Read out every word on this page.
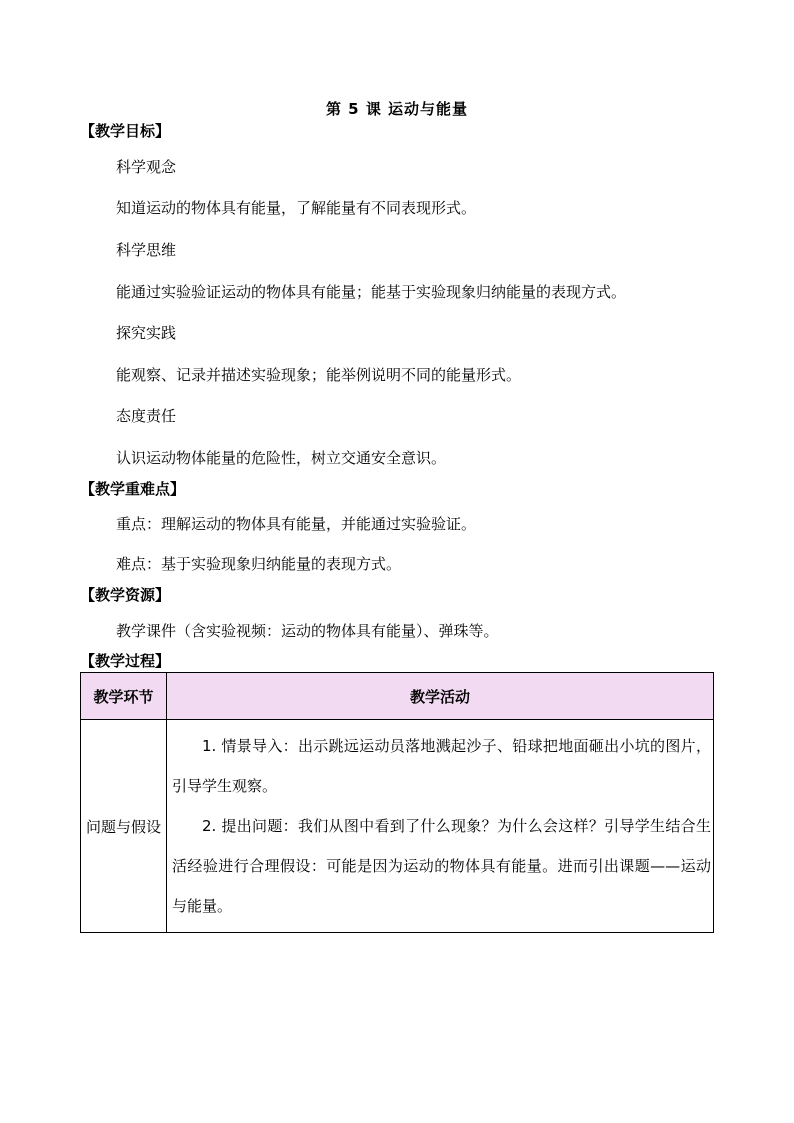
第 5 课 运动与能量
【教学目标】
科学观念
知道运动的物体具有能量，了解能量有不同表现形式。
科学思维
能通过实验验证运动的物体具有能量；能基于实验现象归纳能量的表现方式。
探究实践
能观察、记录并描述实验现象；能举例说明不同的能量形式。
态度责任
认识运动物体能量的危险性，树立交通安全意识。
【教学重难点】
重点：理解运动的物体具有能量，并能通过实验验证。
难点：基于实验现象归纳能量的表现方式。
【教学资源】
教学课件（含实验视频：运动的物体具有能量）、弹珠等。
【教学过程】
教学环节	教学活动
问题与假设	1. 情景导入：出示跳远运动员落地溅起沙子、铅球把地面砸出小坑的图片，引导学生观察。

2. 提出问题：我们从图中看到了什么现象？为什么会这样？引导学生结合生活经验进行合理假设：可能是因为运动的物体具有能量。进而引出课题——运动与能量。
